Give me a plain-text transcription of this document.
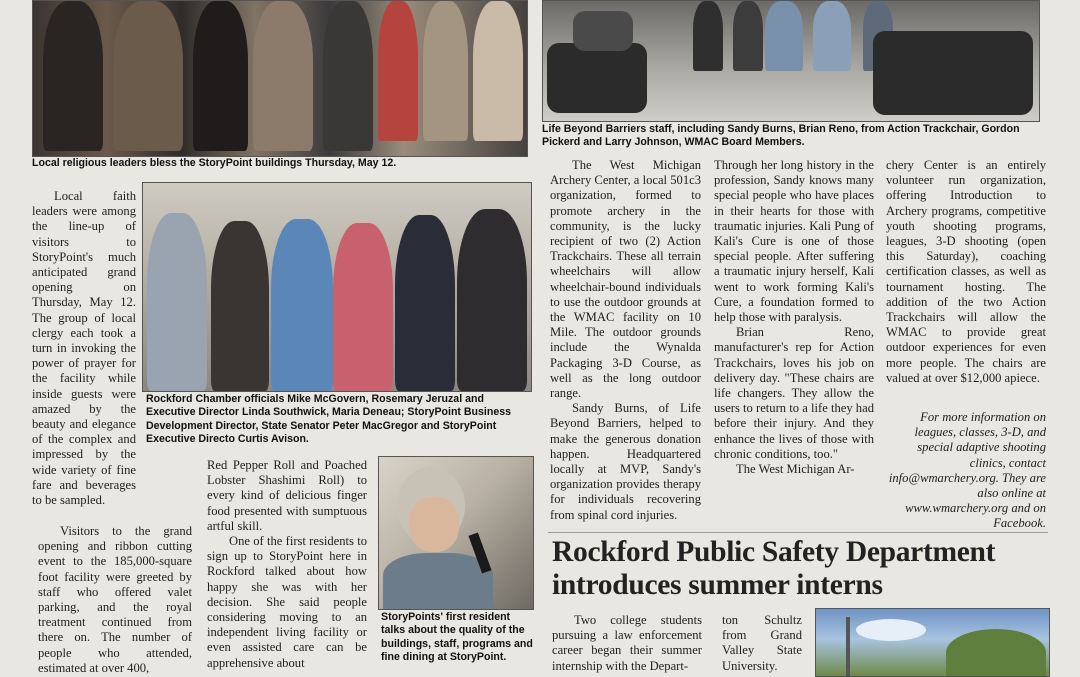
Local religious leaders bless the StoryPoint buildings Thursday, May 12.

Life Beyond Barriers staff, including Sandy Burns, Brian Reno, from Action Trackchair, Gordon Pickerd and Larry Johnson, WMAC Board Members.

Local faith leaders were among the line-up of visitors to StoryPoint's much anticipated grand opening on Thursday, May 12. The group of local clergy each took a turn in invoking the power of prayer for the facility while inside guests were amazed by the beauty and elegance of the complex and impressed by the wide variety of fine fare and beverages to be sampled.

Visitors to the grand opening and ribbon cutting event to the 185,000-square foot facility were greeted by staff who offered valet parking, and the royal treatment continued from there on. The number of people who attended, estimated at over 400,

Rockford Chamber officials Mike McGovern, Rosemary Jeruzal and Executive Director Linda Southwick, Maria Deneau; StoryPoint Business Development Director, State Senator Peter MacGregor and StoryPoint Executive Directo Curtis Avison.

Red Pepper Roll and Poached Lobster Shashimi Roll) to every kind of delicious finger food presented with sumptuous artful skill.

One of the first residents to sign up to StoryPoint here in Rockford talked about how happy she was with her decision. She said people considering moving to an independent living facility or even assisted care can be apprehensive about

StoryPoints' first resident talks about the quality of the buildings, staff, programs and fine dining at StoryPoint.

The West Michigan Archery Center, a local 501c3 organization, formed to promote archery in the community, is the lucky recipient of two (2) Action Trackchairs. These all terrain wheelchairs will allow wheelchair-bound individuals to use the outdoor grounds at the WMAC facility on 10 Mile. The outdoor grounds include the Wynalda Packaging 3-D Course, as well as the long outdoor range.

Sandy Burns, of Life Beyond Barriers, helped to make the generous donation happen. Headquartered locally at MVP, Sandy's organization provides therapy for individuals recovering from spinal cord injuries.

Through her long history in the profession, Sandy knows many special people who have places in their hearts for those with traumatic injuries. Kali Pung of Kali's Cure is one of those special people. After suffering a traumatic injury herself, Kali went to work forming Kali's Cure, a foundation formed to help those with paralysis.

Brian Reno, manufacturer's rep for Action Trackchairs, loves his job on delivery day. "These chairs are life changers. They allow the users to return to a life they had before their injury. And they enhance the lives of those with chronic conditions, too."

The West Michigan Ar-

chery Center is an entirely volunteer run organization, offering Introduction to Archery programs, competitive youth shooting programs, leagues, 3-D shooting (open this Saturday), coaching certification classes, as well as tournament hosting. The addition of the two Action Trackchairs will allow the WMAC to provide great outdoor experiences for even more people. The chairs are valued at over $12,000 apiece.

For more information on leagues, classes, 3-D, and special adaptive shooting clinics, contact info@wmarchery.org. They are also online at www.wmarchery.org and on Facebook.

Rockford Public Safety Department introduces summer interns

Two college students pursuing a law enforcement career began their summer internship with the Depart-

ton Schultz from Grand Valley State University.
